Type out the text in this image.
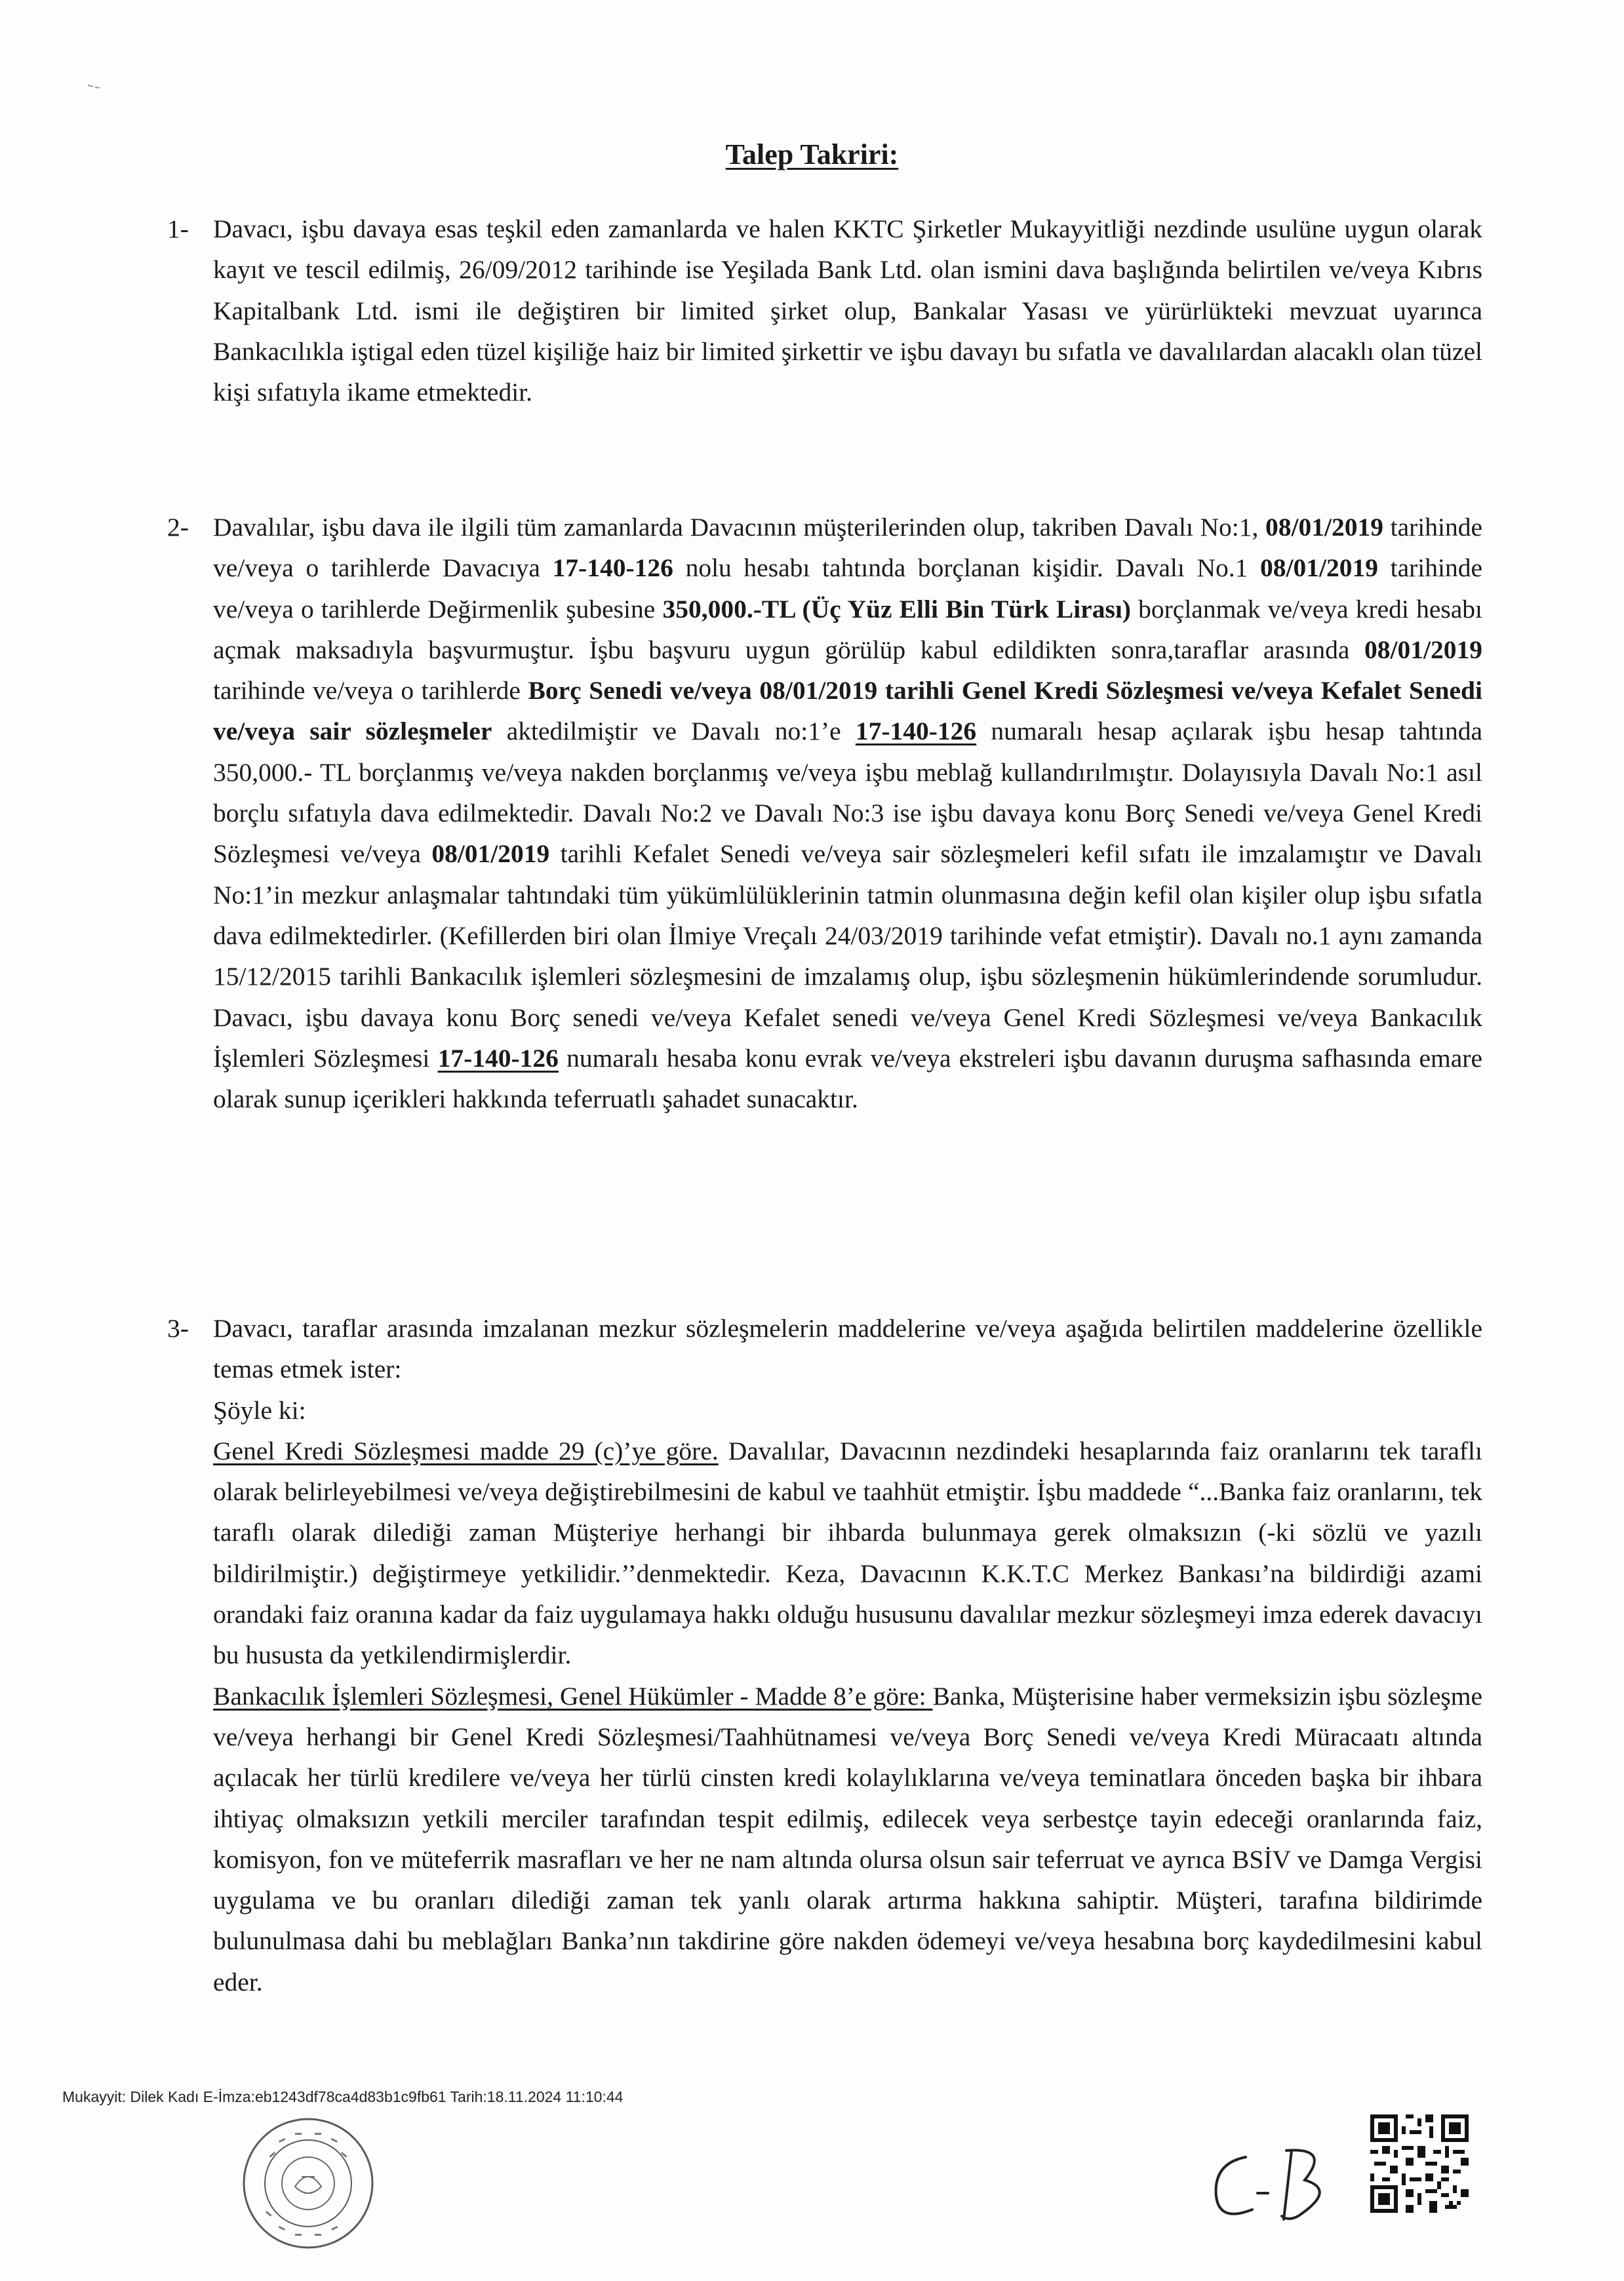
Talep Takriri:
1- Davacı, işbu davaya esas teşkil eden zamanlarda ve halen KKTC Şirketler Mukayyitliği nezdinde usulüne uygun olarak kayıt ve tescil edilmiş, 26/09/2012 tarihinde ise Yeşilada Bank Ltd. olan ismini dava başlığında belirtilen ve/veya Kıbrıs Kapitalbank Ltd. ismi ile değiştiren bir limited şirket olup, Bankalar Yasası ve yürürlükteki mevzuat uyarınca Bankacılıkla iştigal eden tüzel kişiliğe haiz bir limited şirkettir ve işbu davayı bu sıfatla ve davalılardan alacaklı olan tüzel kişi sıfatıyla ikame etmektedir.

2- Davalılar, işbu dava ile ilgili tüm zamanlarda Davacının müşterilerinden olup, takriben Davalı No:1, 08/01/2019 tarihinde ve/veya o tarihlerde Davacıya 17-140-126 nolu hesabı tahtında borçlanan kişidir. Davalı No.1 08/01/2019 tarihinde ve/veya o tarihlerde Değirmenlik şubesine 350,000.-TL (Üç Yüz Elli Bin Türk Lirası) borçlanmak ve/veya kredi hesabı açmak maksadıyla başvurmuştur. İşbu başvuru uygun görülüp kabul edildikten sonra,taraflar arasında 08/01/2019 tarihinde ve/veya o tarihlerde Borç Senedi ve/veya 08/01/2019 tarihli Genel Kredi Sözleşmesi ve/veya Kefalet Senedi ve/veya sair sözleşmeler aktedilmiştir ve Davalı no:1’e 17-140-126 numaralı hesap açılarak işbu hesap tahtında 350,000.- TL borçlanmış ve/veya nakden borçlanmış ve/veya işbu meblağ kullandırılmıştır. Dolayısıyla Davalı No:1 asıl borçlu sıfatıyla dava edilmektedir. Davalı No:2 ve Davalı No:3 ise işbu davaya konu Borç Senedi ve/veya Genel Kredi Sözleşmesi ve/veya 08/01/2019 tarihli Kefalet Senedi ve/veya sair sözleşmeleri kefil sıfatı ile imzalamıştır ve Davalı No:1’in mezkur anlaşmalar tahtındaki tüm yükümlülüklerinin tatmin olunmasına değin kefil olan kişiler olup işbu sıfatla dava edilmektedirler. (Kefillerden biri olan İlmiye Vreçalı 24/03/2019 tarihinde vefat etmiştir). Davalı no.1 aynı zamanda 15/12/2015 tarihli Bankacılık işlemleri sözleşmesini de imzalamış olup, işbu sözleşmenin hükümlerindende sorumludur. Davacı, işbu davaya konu Borç senedi ve/veya Kefalet senedi ve/veya Genel Kredi Sözleşmesi ve/veya Bankacılık İşlemleri Sözleşmesi 17-140-126 numaralı hesaba konu evrak ve/veya ekstreleri işbu davanın duruşma safhasında emare olarak sunup içerikleri hakkında teferruatlı şahadet sunacaktır.

3- Davacı, taraflar arasında imzalanan mezkur sözleşmelerin maddelerine ve/veya aşağıda belirtilen maddelerine özellikle temas etmek ister:

Şöyle ki:

Genel Kredi Sözleşmesi madde 29 (c)’ye göre. Davalılar, Davacının nezdindeki hesaplarında faiz oranlarını tek taraflı olarak belirleyebilmesi ve/veya değiştirebilmesini de kabul ve taahhüt etmiştir. İşbu maddede “...Banka faiz oranlarını, tek taraflı olarak dilediği zaman Müşteriye herhangi bir ihbarda bulunmaya gerek olmaksızın (-ki sözlü ve yazılı bildirilmiştir.) değiştirmeye yetkilidir.’’denmektedir. Keza, Davacının K.K.T.C Merkez Bankası’na bildirdiği azami orandaki faiz oranına kadar da faiz uygulamaya hakkı olduğu hususunu davalılar mezkur sözleşmeyi imza ederek davacıyı bu hususta da yetkilendirmişlerdir.

Bankacılık İşlemleri Sözleşmesi, Genel Hükümler - Madde 8’e göre: Banka, Müşterisine haber vermeksizin işbu sözleşme ve/veya herhangi bir Genel Kredi Sözleşmesi/Taahhütnamesi ve/veya Borç Senedi ve/veya Kredi Müracaatı altında açılacak her türlü kredilere ve/veya her türlü cinsten kredi kolaylıklarına ve/veya teminatlara önceden başka bir ihbara ihtiyaç olmaksızın yetkili merciler tarafından tespit edilmiş, edilecek veya serbestçe tayin edeceği oranlarında faiz, komisyon, fon ve müteferrik masrafları ve her ne nam altında olursa olsun sair teferruat ve ayrıca BSİV ve Damga Vergisi uygulama ve bu oranları dilediği zaman tek yanlı olarak artırma hakkına sahiptir. Müşteri, tarafına bildirimde bulunulmasa dahi bu meblağları Banka’nın takdirine göre nakden ödemeyi ve/veya hesabına borç kaydedilmesini kabul eder.

Mukayyit: Dilek Kadı E-İmza:eb1243df78ca4d83b1c9fb61 Tarih:18.11.2024 11:10:44
